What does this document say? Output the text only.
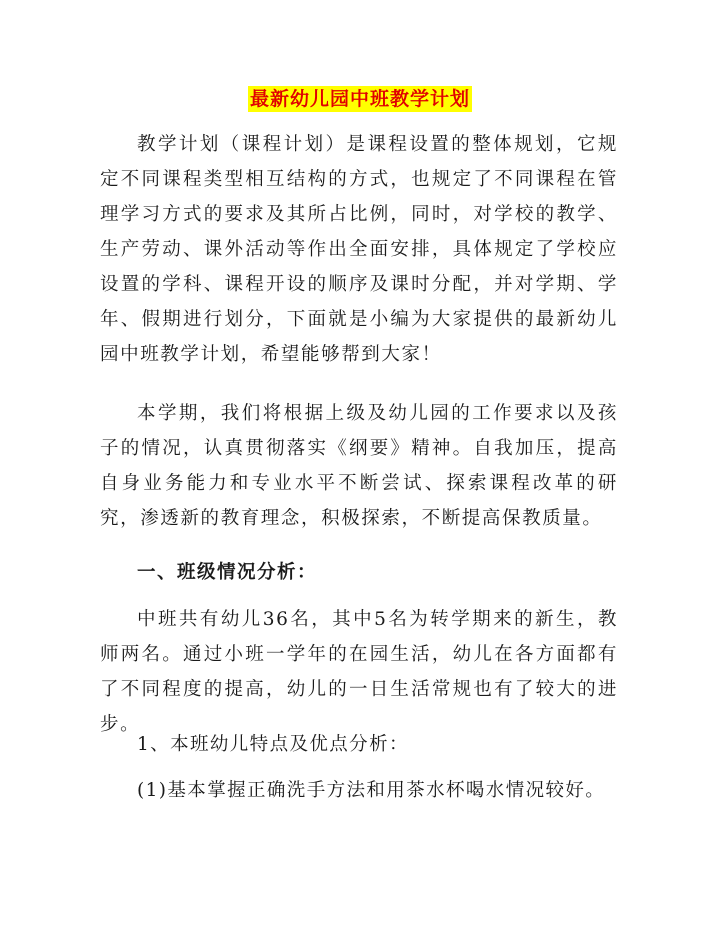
最新幼儿园中班教学计划

教学计划（课程计划）是课程设置的整体规划，它规定不同课程类型相互结构的方式，也规定了不同课程在管理学习方式的要求及其所占比例，同时，对学校的教学、生产劳动、课外活动等作出全面安排，具体规定了学校应设置的学科、课程开设的顺序及课时分配，并对学期、学年、假期进行划分，下面就是小编为大家提供的最新幼儿园中班教学计划，希望能够帮到大家！

本学期，我们将根据上级及幼儿园的工作要求以及孩子的情况，认真贯彻落实《纲要》精神。自我加压，提高自身业务能力和专业水平不断尝试、探索课程改革的研究，渗透新的教育理念，积极探索，不断提高保教质量。

一、班级情况分析：

中班共有幼儿36名，其中5名为转学期来的新生，教师两名。通过小班一学年的在园生活，幼儿在各方面都有了不同程度的提高，幼儿的一日生活常规也有了较大的进步。

1、本班幼儿特点及优点分析：

(1)基本掌握正确洗手方法和用茶水杯喝水情况较好。
